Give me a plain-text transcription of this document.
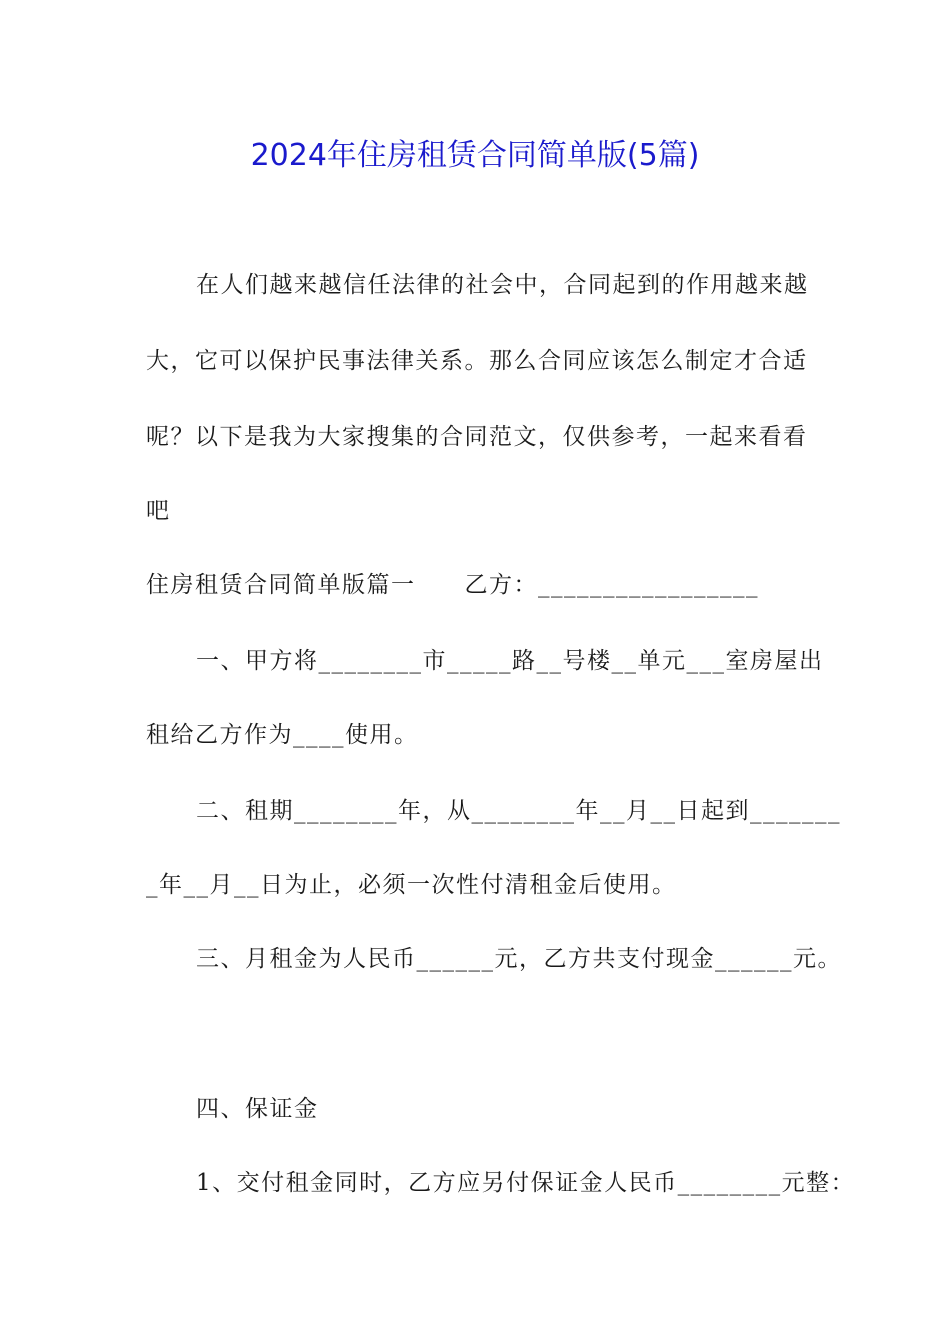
2024年住房租赁合同简单版(5篇)
在人们越来越信任法律的社会中，合同起到的作用越来越
大，它可以保护民事法律关系。那么合同应该怎么制定才合适
呢？以下是我为大家搜集的合同范文，仅供参考，一起来看看
吧
住房租赁合同简单版篇一　　乙方：_________________
一、甲方将________市_____路__号楼__单元___室房屋出
租给乙方作为____使用。
二、租期________年，从________年__月__日起到_______
_年__月__日为止，必须一次性付清租金后使用。
三、月租金为人民币______元，乙方共支付现金______元。
四、保证金
1、交付租金同时，乙方应另付保证金人民币________元整：
